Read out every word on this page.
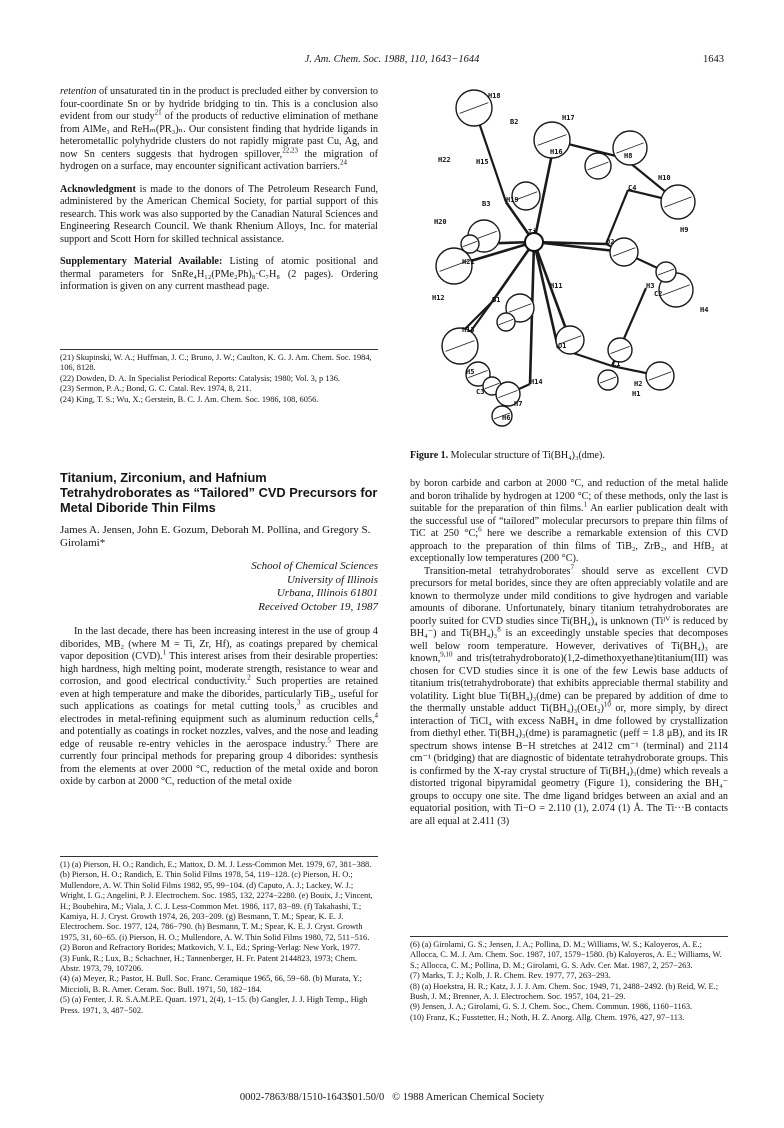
J. Am. Chem. Soc. 1988, 110, 1643−1644	1643

retention of unsaturated tin in the product is precluded either by conversion to four-coordinate Sn or by hydride bridging to tin. This is a conclusion also evident from our study$^{21}$ of the products of reductive elimination of methane from AlMe₃ and ReHₘ(PR₃)ₙ. Our consistent finding that hydride ligands in heterometallic polyhydride clusters do not rapidly migrate past Cu, Ag, and now Sn centers suggests that hydrogen spillover,$^{22,23}$ the migration of hydrogen on a surface, may encounter significant activation barriers.$^{24}$

Acknowledgment is made to the donors of The Petroleum Research Fund, administered by the American Chemical Society, for partial support of this research. This work was also supported by the Canadian Natural Sciences and Engineering Research Council. We thank Rhenium Alloys, Inc. for material support and Scott Horn for skilled technical assistance.

Supplementary Material Available: Listing of atomic positional and thermal parameters for SnRe₄H₁₂(PMe₂Ph)₈·C₇H₈ (2 pages). Ordering information is given on any current masthead page.

(21) Skupinski, W. A.; Huffman, J. C.; Bruno, J. W.; Caulton, K. G. J. Am. Chem. Soc. 1984, 106, 8128.
(22) Dowden, D. A. In Specialist Periodical Reports: Catalysis; 1980; Vol. 3, p 136.
(23) Sermon, P. A.; Bond, G. C. Catal. Rev. 1974, 8, 211.
(24) King, T. S.; Wu, X.; Gerstein, B. C. J. Am. Chem. Soc. 1986, 108, 6056.
Titanium, Zirconium, and Hafnium Tetrahydroborates as “Tailored” CVD Precursors for Metal Diboride Thin Films
James A. Jensen, John E. Gozum, Deborah M. Pollina, and Gregory S. Girolami*
School of Chemical Sciences
University of Illinois
Urbana, Illinois 61801
Received October 19, 1987

In the last decade, there has been increasing interest in the use of group 4 diborides, MB₂ (where M = Ti, Zr, Hf), as coatings prepared by chemical vapor deposition (CVD).$^1$ This interest arises from their desirable properties: high hardness, high melting point, moderate strength, resistance to wear and corrosion, and good electrical conductivity.$^2$ Such properties are retained even at high temperature and make the diborides, particularly TiB₂, useful for such applications as coatings for metal cutting tools,$^3$ as crucibles and electrodes in metal-refining equipment such as aluminum reduction cells,$^4$ and potentially as coatings in rocket nozzles, valves, and the nose and leading edge of reusable re-entry vehicles in the aerospace industry.$^5$ There are currently four principal methods for preparing group 4 diborides: synthesis from the elements at over 2000 °C, reduction of the metal oxide and boron oxide by carbon at 2000 °C, reduction of the metal oxide

(1) (a) Pierson, H. O.; Randich, E.; Mattox, D. M. J. Less-Common Met. 1979, 67, 381−388. (b) Pierson, H. O.; Randich, E. Thin Solid Films 1978, 54, 119−128. (c) Pierson, H. O.; Mullendore, A. W. Thin Solid Films 1982, 95, 99−104. (d) Caputo, A. J.; Lackey, W. J.; Wright, I. G.; Angelini, P. J. Electrochem. Soc. 1985, 132, 2274−2280. (e) Bouix, J.; Vincent, H.; Boubehira, M.; Viala, J. C. J. Less-Common Met. 1986, 117, 83−89. (f) Takahashi, T.; Kamiya, H. J. Cryst. Growth 1974, 26, 203−209. (g) Besmann, T. M.; Spear, K. E. J. Electrochem. Soc. 1977, 124, 786−790. (h) Besmann, T. M.; Spear, K. E. J. Cryst. Growth 1975, 31, 60−65. (i) Pierson, H. O.; Mullendore, A. W. Thin Solid Films 1980, 72, 511−516.
(2) Boron and Refractory Borides; Matkovich, V. I., Ed.; Spring-Verlag: New York, 1977.
(3) Funk, R.; Lux, B.; Schachner, H.; Tannenberger, H. Fr. Patent 2144823, 1973; Chem. Abstr. 1973, 79, 107206.
(4) (a) Meyer, R.; Pastor, H. Bull. Soc. Franc. Ceramique 1965, 66, 59−68. (b) Murata, Y.; Miccioli, B. R. Amer. Ceram. Soc. Bull. 1971, 50, 182−184.
(5) (a) Fenter, J. R. S.A.M.P.E. Quart. 1971, 2(4), 1−15. (b) Gangler, J. J. High Temp., High Press. 1971, 3, 487−502.
H18
H17
B2
H16	H8
H22	H15
H10
C4
H19
B3
H20
H9
Ti
O2
H21
H11	H3
C2
H12	B1
H4
H13
O1
C1
H5
H14	H2
C3	H1
H7
H6
Figure 1. Molecular structure of Ti(BH₄)₃(dme).

by boron carbide and carbon at 2000 °C, and reduction of the metal halide and boron trihalide by hydrogen at 1200 °C; of these methods, only the last is suitable for the preparation of thin films.$^1$ An earlier publication dealt with the successful use of “tailored” molecular precursors to prepare thin films of TiC at 250 °C;$^6$ here we describe a remarkable extension of this CVD approach to the preparation of thin films of TiB₂, ZrB₂, and HfB₂ at exceptionally low temperatures (200 °C).

Transition-metal tetrahydroborates$^7$ should serve as excellent CVD precursors for metal borides, since they are often appreciably volatile and are known to thermolyze under mild conditions to give hydrogen and variable amounts of diborane. Unfortunately, binary titanium tetrahydroborates are poorly suited for CVD studies since Ti(BH₄)₄ is unknown (Tiᴵⱽ is reduced by BH₄⁻) and Ti(BH₄)₃$^8$ is an exceedingly unstable species that decomposes well below room temperature. However, derivatives of Ti(BH₄)₃ are known,$^{9,10}$ and tris(tetrahydroborato)(1,2-dimethoxyethane)titanium(III) was chosen for CVD studies since it is one of the few Lewis base adducts of titanium tris(tetrahydroborate) that exhibits appreciable thermal stability and volatility. Light blue Ti(BH₄)₃(dme) can be prepared by addition of dme to the thermally unstable adduct $Ti(BH_4)_3(OEt_2)^{10}$ or, more simply, by direct interaction of TiCl₄ with excess NaBH₄ in dme followed by crystallization from diethyl ether. Ti(BH₄)₃(dme) is paramagnetic (μeff = 1.8 μB), and its IR spectrum shows intense B−H stretches at 2412 cm⁻¹ (terminal) and 2114 cm⁻¹ (bridging) that are diagnostic of bidentate tetrahydroborate groups. This is confirmed by the X-ray crystal structure of Ti(BH₄)₃(dme) which reveals a distorted trigonal bipyramidal geometry (Figure 1), considering the BH₄⁻ groups to occupy one site. The dme ligand bridges between an axial and an equatorial position, with Ti−O = 2.110 (1), 2.074 (1) Å. The Ti···B contacts are all equal at 2.411 (3)

(6) (a) Girolami, G. S.; Jensen, J. A.; Pollina, D. M.; Williams, W. S.; Kaloyeros, A. E.; Allocca, C. M. J. Am. Chem. Soc. 1987, 107, 1579−1580. (b) Kaloyeros, A. E.; Williams, W. S.; Allocca, C. M.; Pollina, D. M.; Girolami, G. S. Adv. Cer. Mat. 1987, 2, 257−263.
(7) Marks, T. J.; Kolb, J. R. Chem. Rev. 1977, 77, 263−293.
(8) (a) Hoekstra, H. R.; Katz, J. J. J. Am. Chem. Soc. 1949, 71, 2488−2492. (b) Reid, W. E.; Bush, J. M.; Brenner, A. J. Electrochem. Soc. 1957, 104, 21−29.
(9) Jensen, J. A.; Girolami, G. S. J. Chem. Soc., Chem. Commun. 1986, 1160−1163.
(10) Franz, K.; Fusstetter, H.; Noth, H. Z. Anorg. Allg. Chem. 1976, 427, 97−113.
0002-7863/88/1510-1643$01.50/0 © 1988 American Chemical Society
